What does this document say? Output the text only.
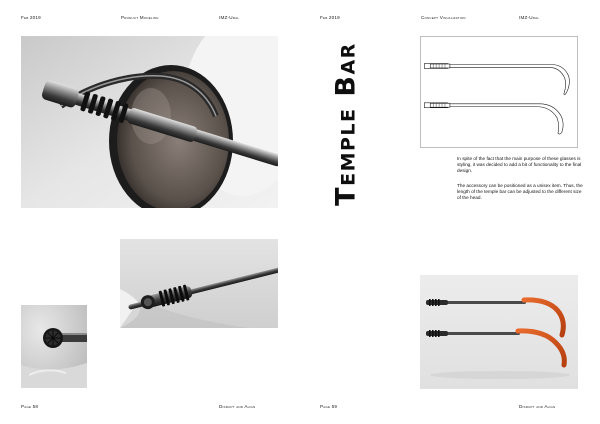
Feb 2019	Product Modeling	IMZ-Ural
Page 58	Disrupt and Align
Feb 2019	Concept Visualization	IMZ-Ural
Temple Bar	In spite of the fact that the main purpose of these glasses is styling, it was decided to add a bit of functionality to the final design.
The accessory can be positioned as a unisex item. Thus, the length of the temple bar can be adjusted to the different size of the head.
Page 59	Disrupt and Align
